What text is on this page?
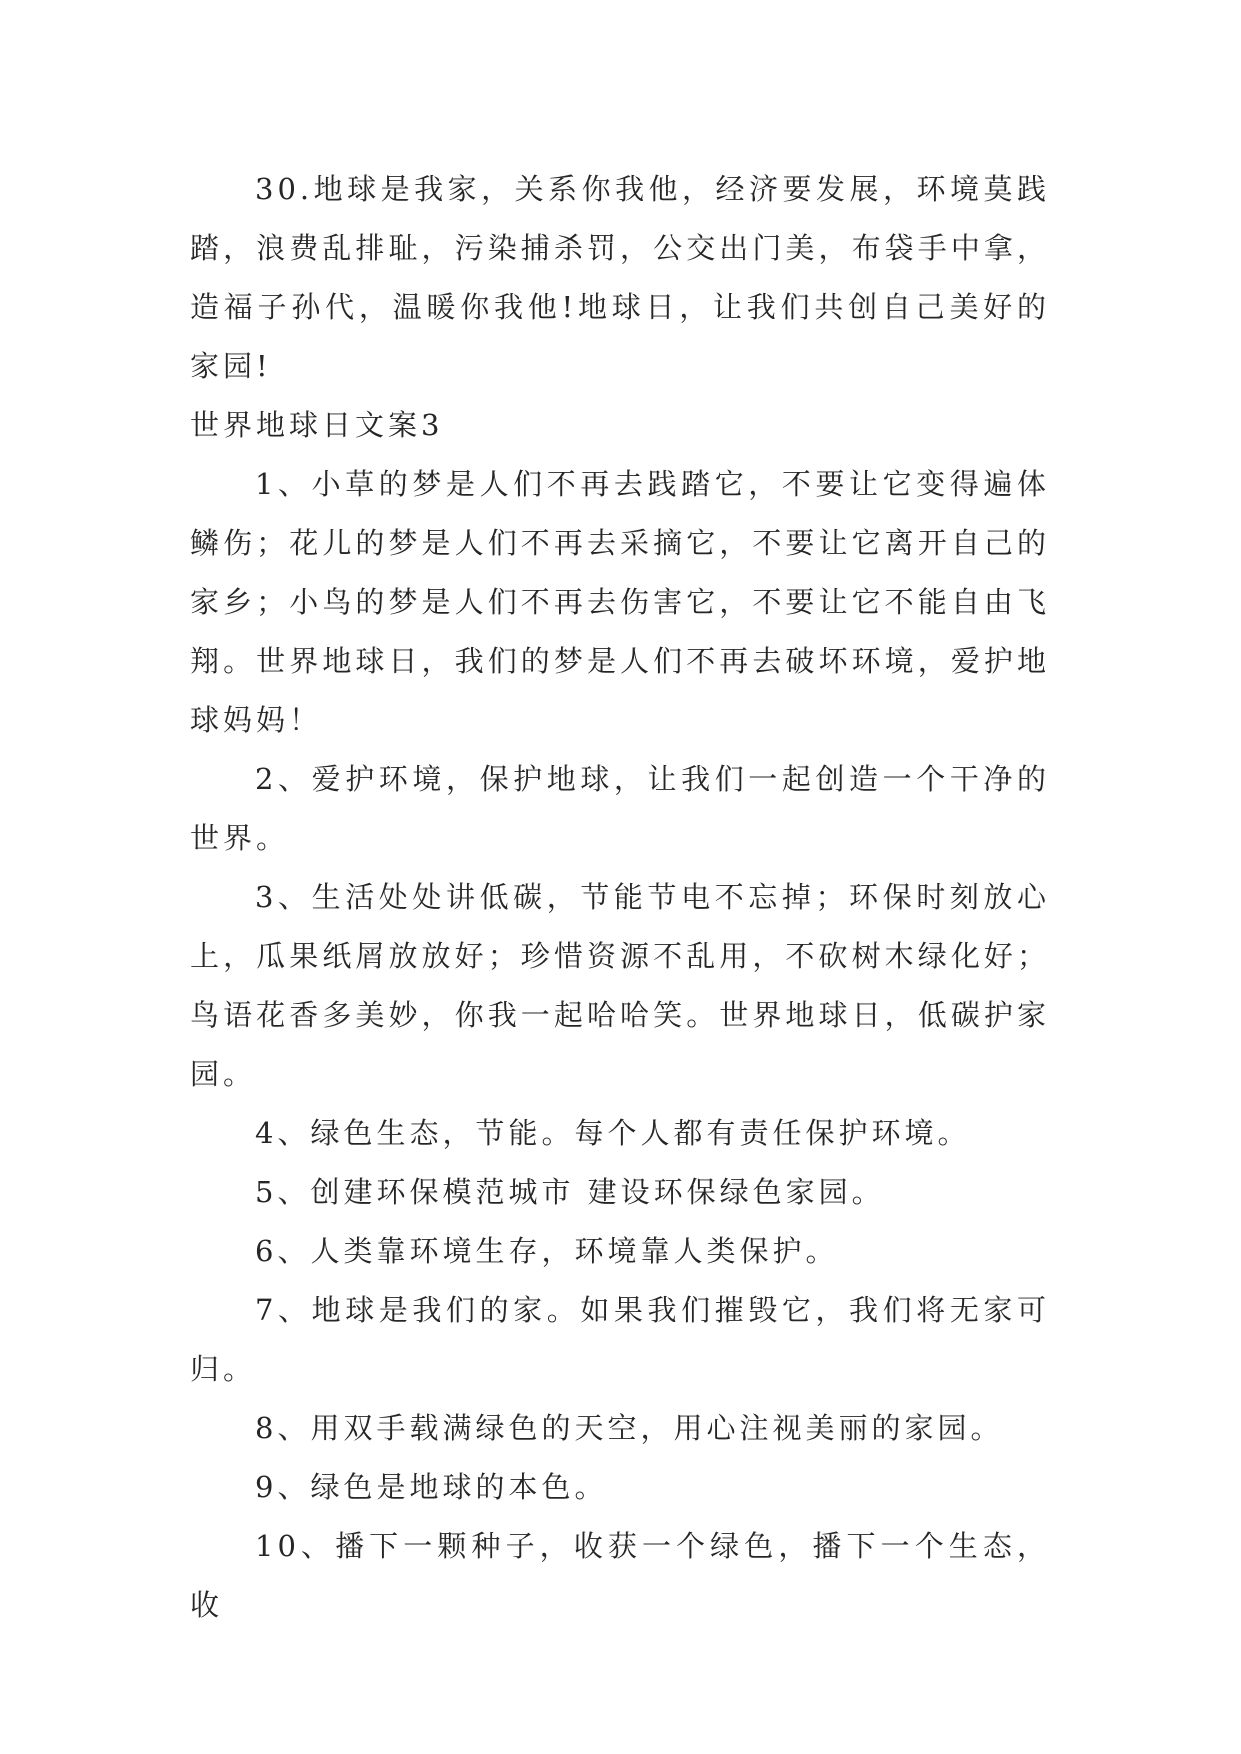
30.地球是我家，关系你我他，经济要发展，环境莫践踏，浪费乱排耻，污染捕杀罚，公交出门美，布袋手中拿，造福子孙代，温暖你我他!地球日，让我们共创自己美好的家园!

世界地球日文案3

1、小草的梦是人们不再去践踏它，不要让它变得遍体鳞伤；花儿的梦是人们不再去采摘它，不要让它离开自己的家乡；小鸟的梦是人们不再去伤害它，不要让它不能自由飞翔。世界地球日，我们的梦是人们不再去破坏环境，爱护地球妈妈！

2、爱护环境，保护地球，让我们一起创造一个干净的世界。

3、生活处处讲低碳，节能节电不忘掉；环保时刻放心上，瓜果纸屑放放好；珍惜资源不乱用，不砍树木绿化好；鸟语花香多美妙，你我一起哈哈笑。世界地球日，低碳护家园。

4、绿色生态，节能。每个人都有责任保护环境。

5、创建环保模范城市 建设环保绿色家园。

6、人类靠环境生存，环境靠人类保护。

7、地球是我们的家。如果我们摧毁它，我们将无家可归。

8、用双手载满绿色的天空，用心注视美丽的家园。

9、绿色是地球的本色。

10、播下一颗种子，收获一个绿色，播下一个生态，收
